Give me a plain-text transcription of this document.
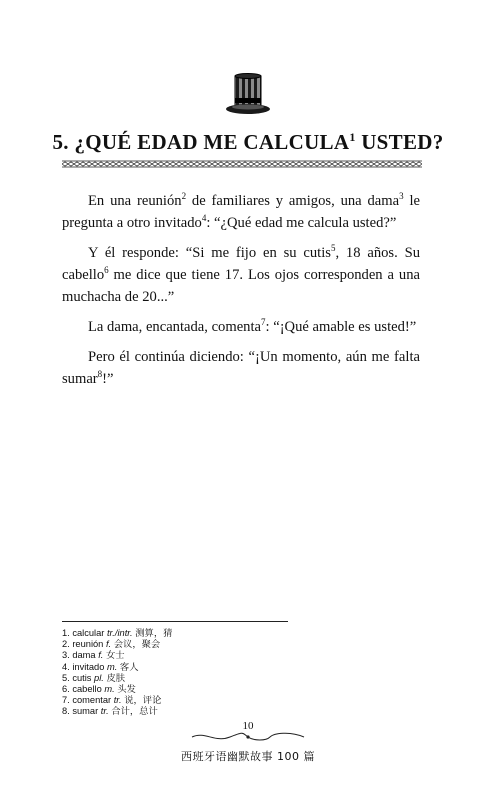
5. ¿QUÉ EDAD ME CALCULA$^1$ USTED?

En una reunión$^2$ de familiares y amigos, una dama$^3$ le pregunta a otro invitado$^4$: “¿Qué edad me calcula usted?”

Y él responde: “Si me fijo en su cutis$^5$, 18 años. Su cabello$^6$ me dice que tiene 17. Los ojos corresponden a una muchacha de 20...”

La dama, encantada, comenta$^7$: “¡Qué amable es usted!”

Pero él continúa diciendo: “¡Un momento, aún me falta sumar$^8$!”

1. calcular tr./intr. 测算，猜
2. reunión f. 会议，聚会
3. dama f. 女士
4. invitado m. 客人
5. cutis pl. 皮肤
6. cabello m. 头发
7. comentar tr. 说，评论
8. sumar tr. 合计，总计
10
西班牙语幽默故事 100 篇
